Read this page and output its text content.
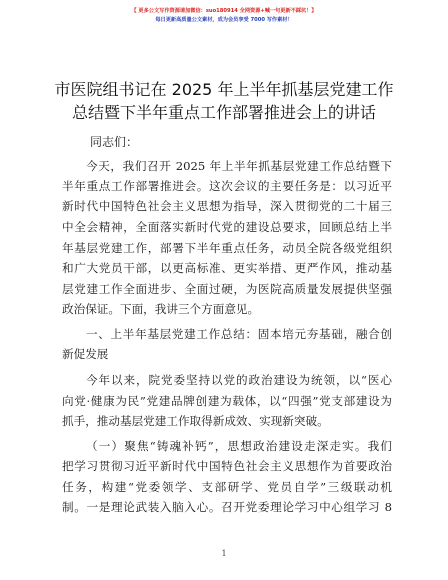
【 更多公文写作资源请加微信：suo180914 全网资源+喊一句更新不踩坑！】
每日更新高质量公文素材，成为会员享受 7000 写作素材！
市医院组书记在 2025 年上半年抓基层党建工作
总结暨下半年重点工作部署推进会上的讲话
同志们：
今天，我们召开 2025 年上半年抓基层党建工作总结暨下
半年重点工作部署推进会。这次会议的主要任务是：以习近平
新时代中国特色社会主义思想为指导，深入贯彻党的二十届三
中全会精神，全面落实新时代党的建设总要求，回顾总结上半
年基层党建工作，部署下半年重点任务，动员全院各级党组织
和广大党员干部，以更高标准、更实举措、更严作风，推动基
层党建工作全面进步、全面过硬，为医院高质量发展提供坚强
政治保证。下面，我讲三个方面意见。
一、上半年基层党建工作总结：固本培元夯基础，融合创
新促发展
今年以来，院党委坚持以党的政治建设为统领，以“医心
向党·健康为民”党建品牌创建为载体，以“四强”党支部建设为
抓手，推动基层党建工作取得新成效、实现新突破。
（一）聚焦“铸魂补钙”，思想政治建设走深走实。我们
把学习贯彻习近平新时代中国特色社会主义思想作为首要政治
任务，构建“党委领学、支部研学、党员自学”三级联动机
制。一是理论武装入脑入心。召开党委理论学习中心组学习 8
1
